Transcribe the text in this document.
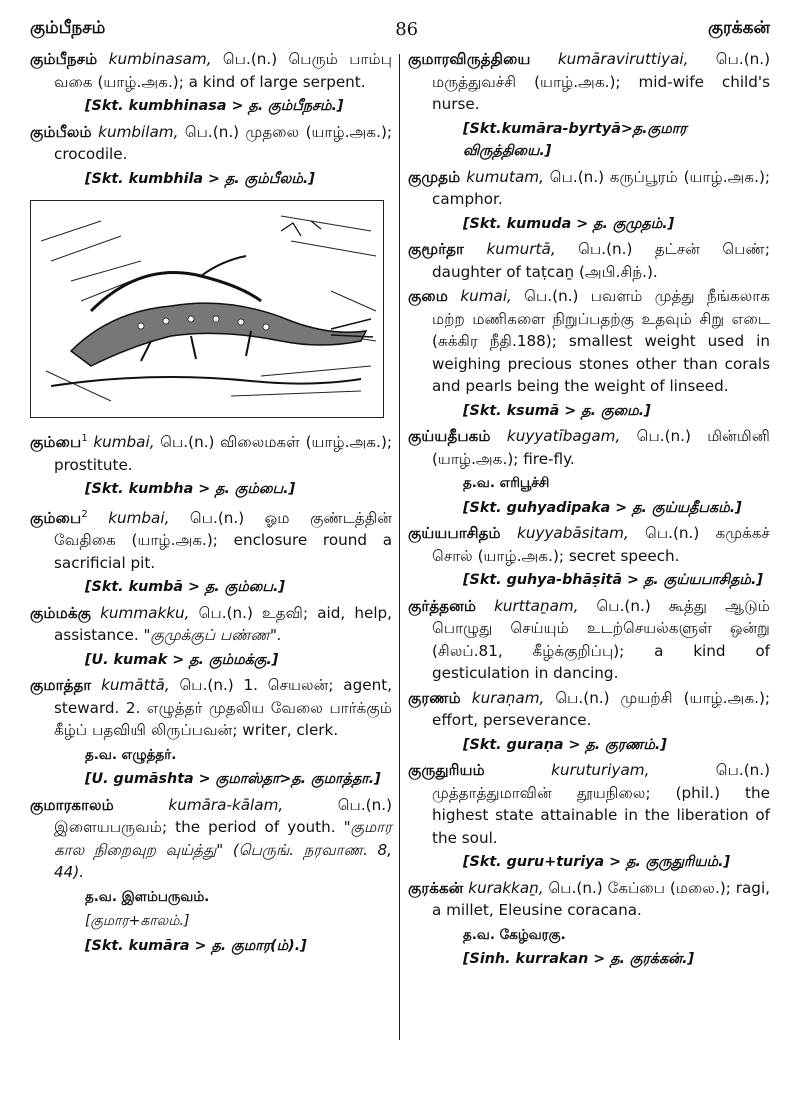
கும்பீநசம்	86	குரக்கன்
கும்பீநசம் kumbinasam, பெ.(n.) பெரும் பாம்பு வகை (யாழ்.அக.); a kind of large serpent.
[Skt. kumbhinasa > த. கும்பீநசம்.]
கும்பீலம் kumbilam, பெ.(n.) முதலை (யாழ்.அக.); crocodile.
[Skt. kumbhila > த. கும்பீலம்.]
கும்பை$^1$ kumbai, பெ.(n.) விலைமகள் (யாழ்.அக.); prostitute.
[Skt. kumbha > த. கும்பை.]
கும்பை$^2$ kumbai, பெ.(n.) ஓம குண்டத்தின் வேதிகை (யாழ்.அக.); enclosure round a sacrificial pit.
[Skt. kumbā > த. கும்பை.]
கும்மக்கு kummakku, பெ.(n.) உதவி; aid, help, assistance. "குமுக்குப் பண்ண".
[U. kumak > த. கும்மக்கு.]
குமாத்தா kumāttā, பெ.(n.) 1. செயலன்; agent, steward. 2. எழுத்தர் முதலிய வேலை பார்க்கும் கீழ்ப் பதவியி லிருப்பவன்; writer, clerk.
த.வ. எழுத்தர்.
[U. gumāshta > குமாஸ்தா>த. குமாத்தா.]
குமாரகாலம்	kumāra-kālam,	பெ.(n.) இளையபருவம்; the period of youth. "குமார கால நிறைவுற வுய்த்து" (பெருங். நரவாண. 8, 44).
த.வ. இளம்பருவம்.
[குமார+காலம்.]
[Skt. kumāra > த. குமார(ம்).]
குமாரவிருத்தியை kumāraviruttiyai, பெ.(n.) மருத்துவச்சி (யாழ்.அக.); mid-wife child's nurse.
[Skt.kumāra-byrtyā>த.குமார விருத்தியை.]
குமுதம் kumutam, பெ.(n.) கருப்பூரம் (யாழ்.அக.); camphor.
[Skt. kumuda > த. குமுதம்.]
குமூர்தா kumurtā, பெ.(n.) தட்சன் பெண்; daughter of taṭcaṉ (அபி.சிந்.).
குமை kumai, பெ.(n.) பவளம் முத்து நீங்கலாக மற்ற மணிகளை நிறுப்பதற்கு உதவும் சிறு எடை (சுக்கிர நீதி.188); smallest weight used in weighing precious stones other than corals and pearls being the weight of linseed.
[Skt. ksumā > த. குமை.]
குய்யதீபகம் kuyyatībagam, பெ.(n.) மின்மினி (யாழ்.அக.); fire-fly.
த.வ. எரிபூச்சி
[Skt. guhyadipaka > த. குய்யதீபகம்.]
குய்யபாசிதம் kuyyabāsitam, பெ.(n.) கமுக்கச் சொல் (யாழ்.அக.); secret speech.
[Skt. guhya-bhāṣitā > த. குய்யபாசிதம்.]
குர்த்தனம் kurttaṉam, பெ.(n.) கூத்து ஆடும் பொழுது செய்யும் உடற்செயல்களுள் ஒன்று (சிலப்.81, கீழ்க்குறிப்பு); a kind of gesticulation in dancing.
குரணம் kuraṇam, பெ.(n.) முயற்சி (யாழ்.அக.); effort, perseverance.
[Skt. guraṇa > த. குரணம்.]
குருதுரியம்	kuruturiyam,	பெ.(n.) முத்தாத்துமாவின் தூயநிலை; (phil.) the highest state attainable in the liberation of the soul.
[Skt. guru+turiya > த. குருதுரியம்.]
குரக்கன் kurakkaṉ, பெ.(n.) கேப்பை (மலை.); ragi, a millet, Eleusine coracana.
த.வ. கேழ்வரகு.
[Sinh. kurrakan > த. குரக்கன்.]
